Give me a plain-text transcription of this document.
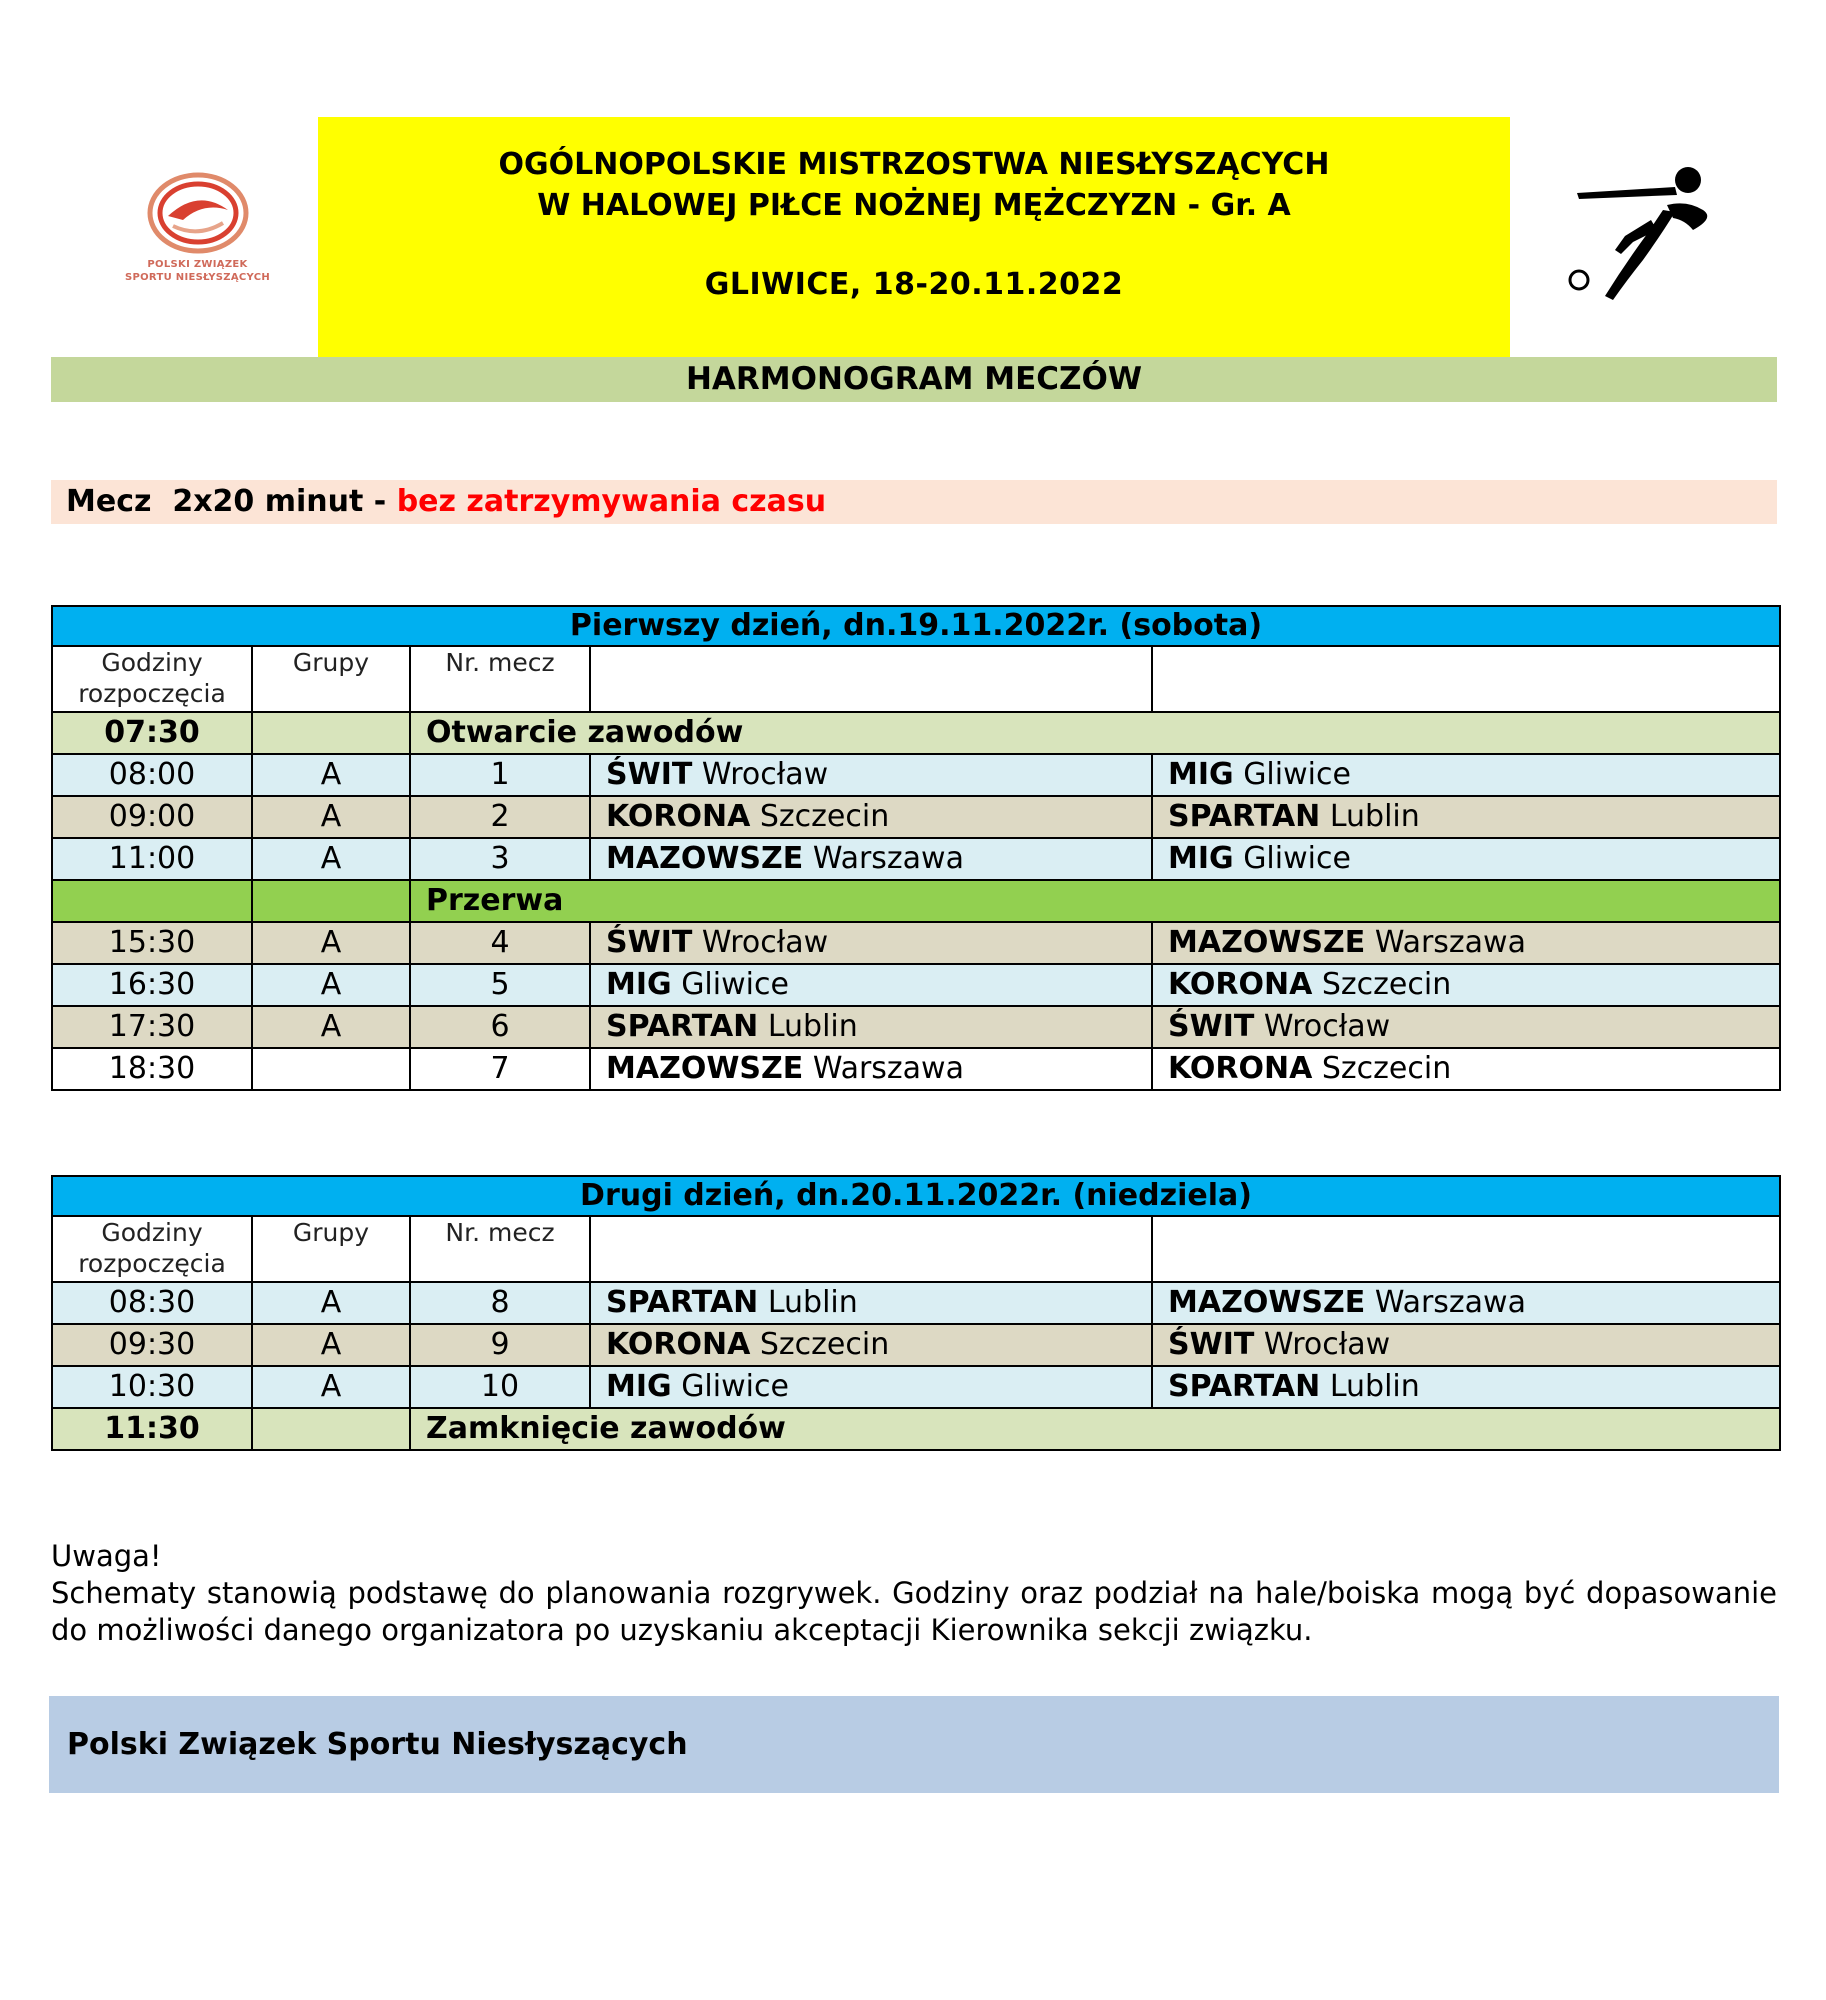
POLSKI ZWIĄZEK
SPORTU NIESŁYSZĄCYCH
OGÓLNOPOLSKIE MISTRZOSTWA NIESŁYSZĄCYCH
W HALOWEJ PIŁCE NOŻNEJ MĘŻCZYZN - Gr. A
GLIWICE, 18-20.11.2022
HARMONOGRAM MECZÓW
Mecz  2x20 minut - bez zatrzymywania czasu
Pierwszy dzień, dn.19.11.2022r. (sobota)				
Godziny rozpoczęcia	Grupy	Nr. mecz		
07:30		Otwarcie zawodów		
08:00	A	1	ŚWIT Wrocław	MIG Gliwice
09:00	A	2	KORONA Szczecin	SPARTAN Lublin
11:00	A	3	MAZOWSZE Warszawa	MIG Gliwice
		Przerwa		
15:30	A	4	ŚWIT Wrocław	MAZOWSZE Warszawa
16:30	A	5	MIG Gliwice	KORONA Szczecin
17:30	A	6	SPARTAN Lublin	ŚWIT Wrocław
18:30		7	MAZOWSZE Warszawa	KORONA Szczecin
Drugi dzień, dn.20.11.2022r. (niedziela)				
Godziny rozpoczęcia	Grupy	Nr. mecz		
08:30	A	8	SPARTAN Lublin	MAZOWSZE Warszawa
09:30	A	9	KORONA Szczecin	ŚWIT Wrocław
10:30	A	10	MIG Gliwice	SPARTAN Lublin
11:30		Zamknięcie zawodów		
Uwaga!
Schematy stanowią podstawę do planowania rozgrywek. Godziny oraz podział na hale/boiska mogą być dopasowanie do możliwości danego organizatora po uzyskaniu akceptacji Kierownika sekcji związku.
Polski Związek Sportu Niesłyszących
